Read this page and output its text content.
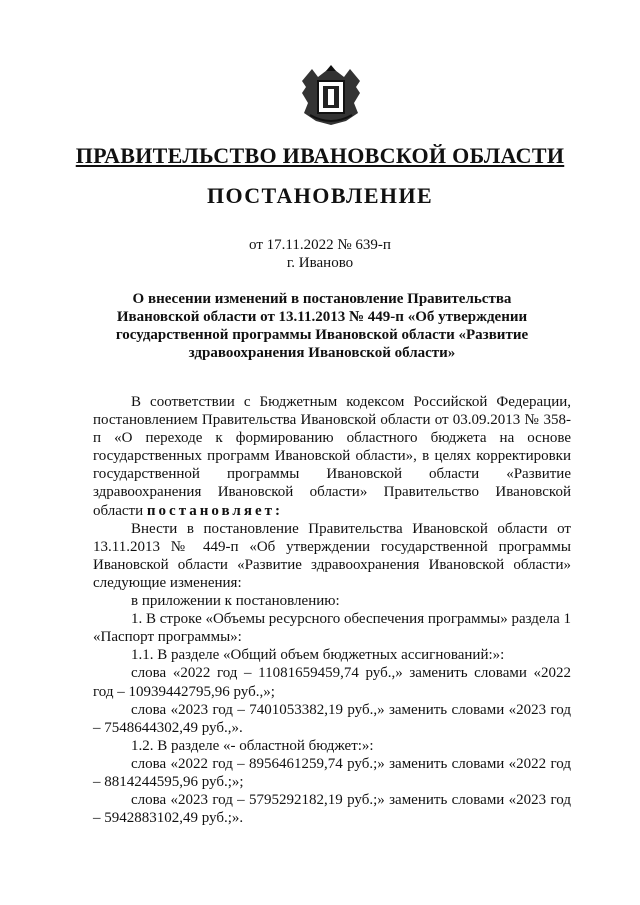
ПРАВИТЕЛЬСТВО ИВАНОВСКОЙ ОБЛАСТИ
ПОСТАНОВЛЕНИЕ
от 17.11.2022 № 639-п
г. Иваново
О внесении изменений в постановление Правительства
Ивановской области от 13.11.2013 № 449-п «Об утверждении
государственной программы Ивановской области «Развитие
здравоохранения Ивановской области»

В соответствии с Бюджетным кодексом Российской Федерации, постановлением Правительства Ивановской области от 03.09.2013 № 358-п «О переходе к формированию областного бюджета на основе государственных программ Ивановской области», в целях корректировки государственной программы Ивановской области «Развитие здравоохранения Ивановской области» Правительство Ивановской области постановляет:

Внести в постановление Правительства Ивановской области от 13.11.2013 № 449-п «Об утверждении государственной программы Ивановской области «Развитие здравоохранения Ивановской области» следующие изменения:

в приложении к постановлению:

1. В строке «Объемы ресурсного обеспечения программы» раздела 1 «Паспорт программы»:

1.1. В разделе «Общий объем бюджетных ассигнований:»:

слова «2022 год – 11081659459,74 руб.,» заменить словами «2022 год – 10939442795,96 руб.,»;

слова «2023 год – 7401053382,19 руб.,» заменить словами «2023 год – 7548644302,49 руб.,».

1.2. В разделе «- областной бюджет:»:

слова «2022 год – 8956461259,74 руб.;» заменить словами «2022 год – 8814244595,96 руб.;»;

слова «2023 год – 5795292182,19 руб.;» заменить словами «2023 год – 5942883102,49 руб.;».
